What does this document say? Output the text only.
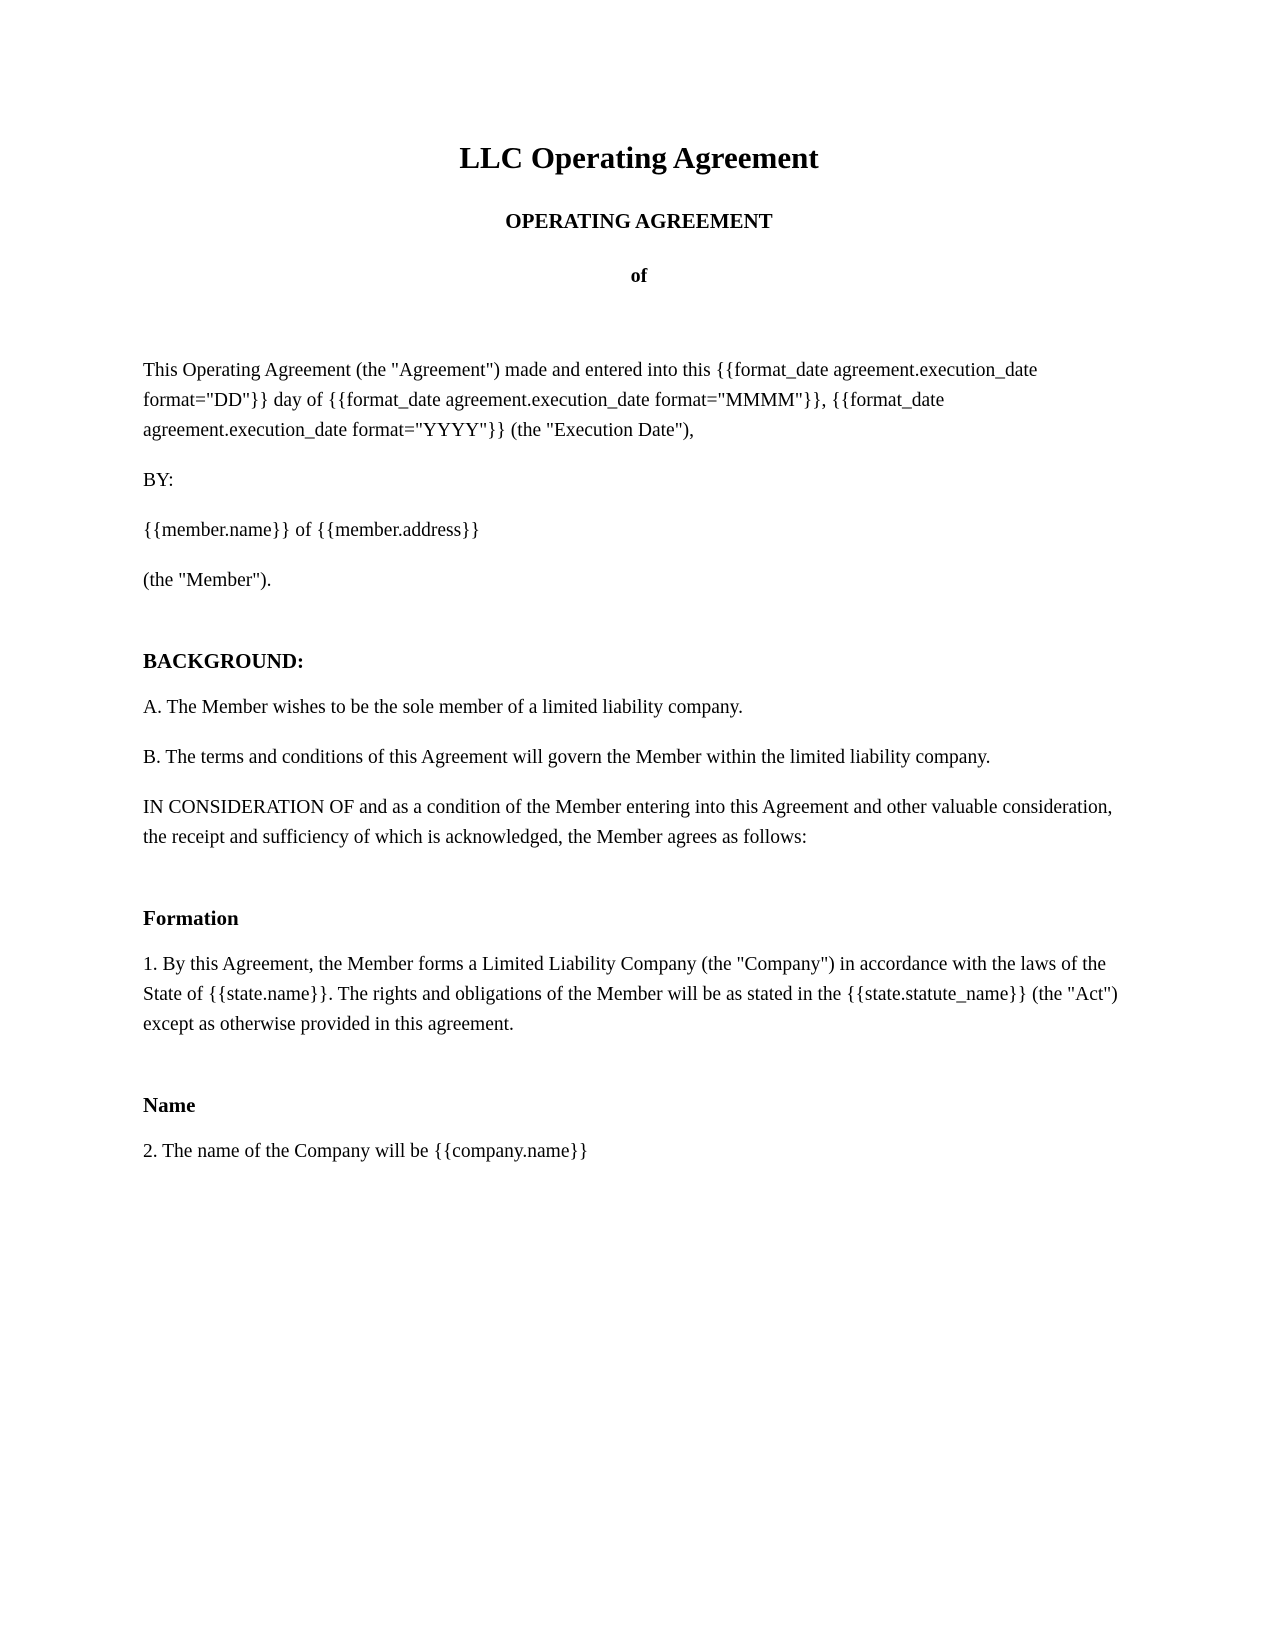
LLC Operating Agreement
OPERATING AGREEMENT
of

This Operating Agreement (the "Agreement") made and entered into this {{format_date agreement.execution_date format="DD"}} day of {{format_date agreement.execution_date format="MMMM"}}, {{format_date agreement.execution_date format="YYYY"}} (the "Execution Date"),

BY:

{{member.name}} of {{member.address}}

(the "Member").

BACKGROUND:

A. The Member wishes to be the sole member of a limited liability company.

B. The terms and conditions of this Agreement will govern the Member within the limited liability company.

IN CONSIDERATION OF and as a condition of the Member entering into this Agreement and other valuable consideration, the receipt and sufficiency of which is acknowledged, the Member agrees as follows:

Formation

1. By this Agreement, the Member forms a Limited Liability Company (the "Company") in accordance with the laws of the State of {{state.name}}. The rights and obligations of the Member will be as stated in the {{state.statute_name}} (the "Act") except as otherwise provided in this agreement.

Name

2. The name of the Company will be {{company.name}}
